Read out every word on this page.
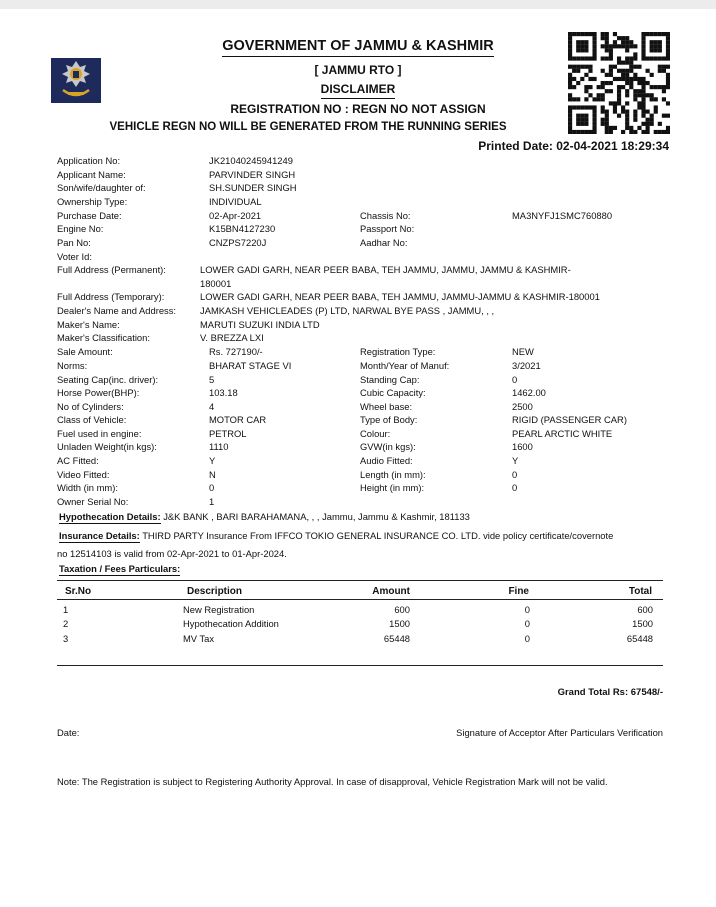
GOVERNMENT OF JAMMU & KASHMIR
[ JAMMU RTO ]
DISCLAIMER
REGISTRATION NO : REGN NO NOT ASSIGN
VEHICLE REGN NO WILL BE GENERATED FROM THE RUNNING SERIES
Printed Date: 02-04-2021 18:29:34
Application No:	JK21040245941249
Applicant Name:	PARVINDER SINGH
Son/wife/daughter of:	SH.SUNDER SINGH
Ownership Type:	INDIVIDUAL
Purchase Date:	02-Apr-2021	Chassis No:	MA3NYFJ1SMC760880
Engine No:	K15BN4127230	Passport No:
Pan No:	CNZPS7220J	Aadhar No:
Voter Id:
Full Address (Permanent):	LOWER GADI GARH, NEAR PEER BABA, TEH JAMMU, JAMMU, JAMMU & KASHMIR-
180001
Full Address (Temporary):	LOWER GADI GARH, NEAR PEER BABA, TEH JAMMU, JAMMU-JAMMU & KASHMIR-180001
Dealer's Name and Address:	JAMKASH VEHICLEADES (P) LTD, NARWAL BYE PASS , JAMMU, , ,
Maker's Name:	MARUTI SUZUKI INDIA LTD
Maker's Classification:	V. BREZZA LXI
Sale Amount:	Rs. 727190/-	Registration Type:	NEW
Norms:	BHARAT STAGE VI	Month/Year of Manuf:	3/2021
Seating Cap(inc. driver):	5	Standing Cap:	0
Horse Power(BHP):	103.18	Cubic Capacity:	1462.00
No of Cylinders:	4	Wheel base:	2500
Class of Vehicle:	MOTOR CAR	Type of Body:	RIGID (PASSENGER CAR)
Fuel used in engine:	PETROL	Colour:	PEARL ARCTIC WHITE
Unladen Weight(in kgs):	1110	GVW(in kgs):	1600
AC Fitted:	Y	Audio Fitted:	Y
Video Fitted:	N	Length (in mm):	0
Width (in mm):	0	Height (in mm):	0
Owner Serial No:	1
Hypothecation Details: J&K BANK , BARI BARAHAMANA, , , Jammu, Jammu & Kashmir, 181133
Insurance Details: THIRD PARTY Insurance From IFFCO TOKIO GENERAL INSURANCE CO. LTD. vide policy certificate/covernote
no 12514103 is valid from 02-Apr-2021 to 01-Apr-2024.
Taxation / Fees Particulars:
Sr.No	Description	Amount	Fine	Total
1	New Registration	600	0	600
2	Hypothecation Addition	1500	0	1500
3	MV Tax	65448	0	65448
Grand Total Rs: 67548/-
Date:	Signature of Acceptor After Particulars Verification
Note: The Registration is subject to Registering Authority Approval. In case of disapproval, Vehicle Registration Mark will not be valid.
